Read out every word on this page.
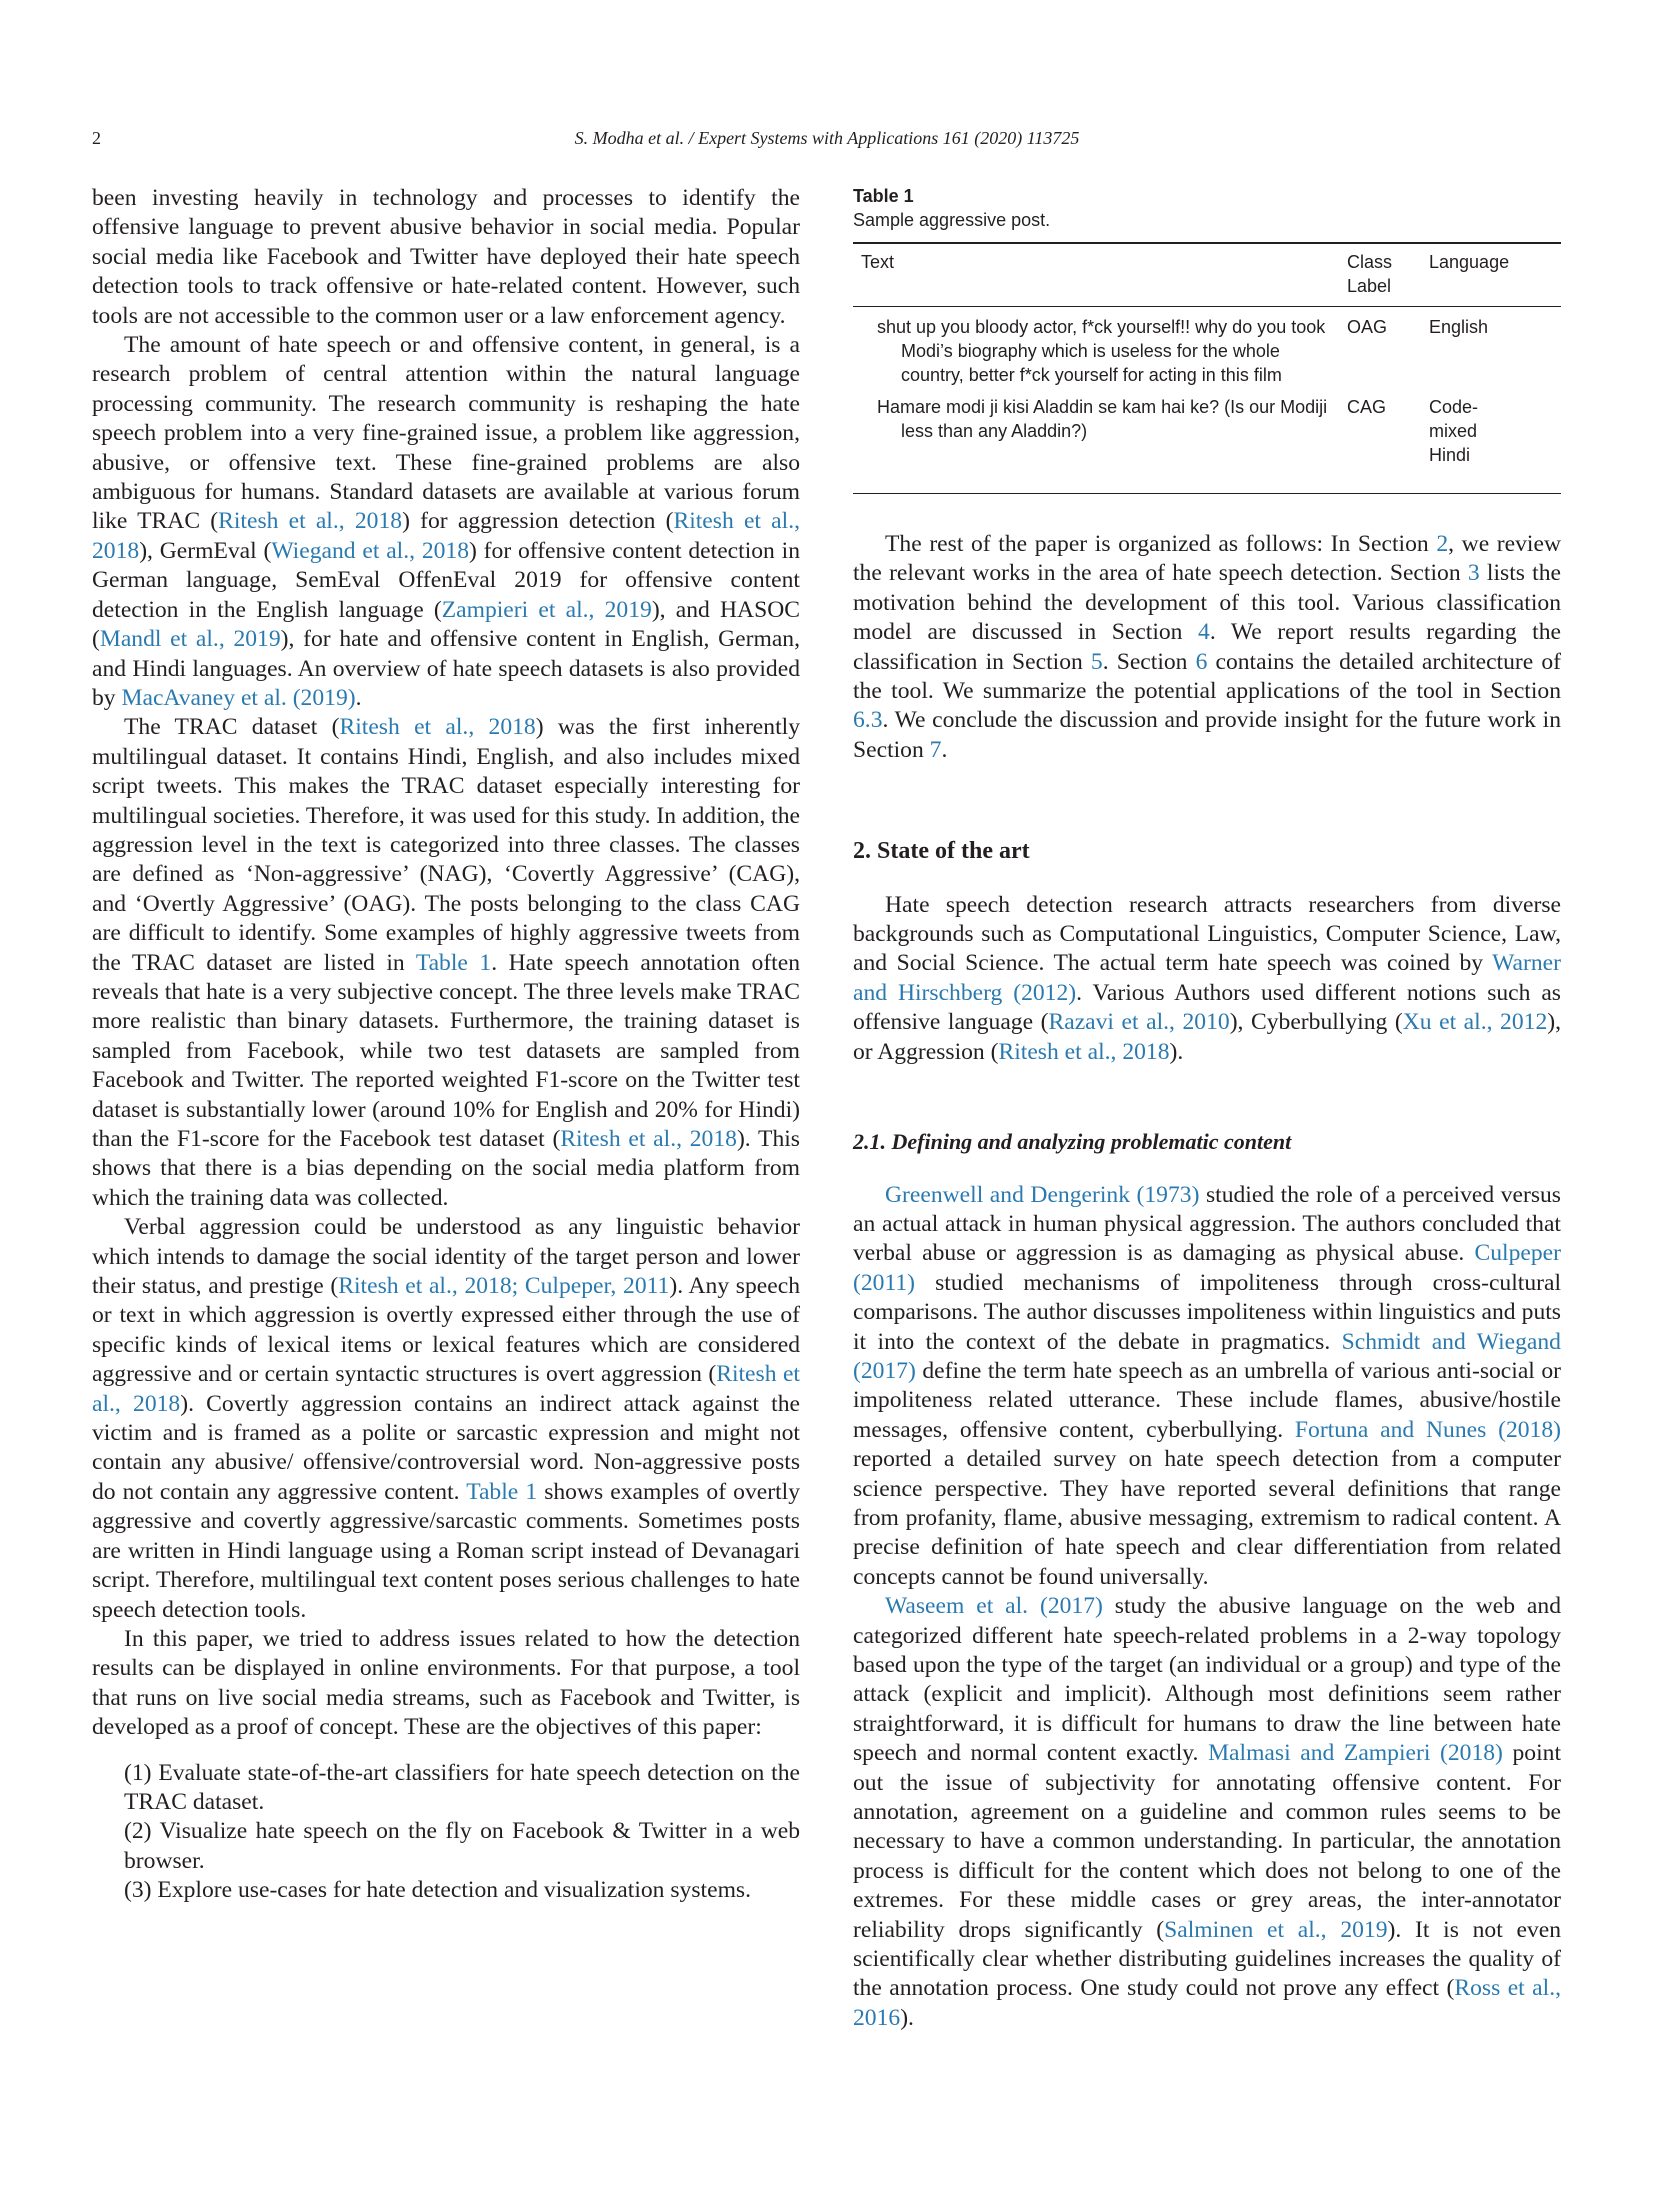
2	S. Modha et al. / Expert Systems with Applications 161 (2020) 113725

been investing heavily in technology and processes to identify the offensive language to prevent abusive behavior in social media. Popular social media like Facebook and Twitter have deployed their hate speech detection tools to track offensive or hate-related content. However, such tools are not accessible to the common user or a law enforcement agency.

The amount of hate speech or and offensive content, in general, is a research problem of central attention within the natural language processing community. The research community is reshaping the hate speech problem into a very fine-grained issue, a problem like aggression, abusive, or offensive text. These fine-grained problems are also ambiguous for humans. Standard datasets are available at various forum like TRAC (Ritesh et al., 2018) for aggression detection (Ritesh et al., 2018), GermEval (Wiegand et al., 2018) for offensive content detection in German language, SemEval OffenEval 2019 for offensive content detection in the English language (Zampieri et al., 2019), and HASOC (Mandl et al., 2019), for hate and offensive content in English, German, and Hindi languages. An overview of hate speech datasets is also provided by MacAvaney et al. (2019).

The TRAC dataset (Ritesh et al., 2018) was the first inherently multilingual dataset. It contains Hindi, English, and also includes mixed script tweets. This makes the TRAC dataset especially interesting for multilingual societies. Therefore, it was used for this study. In addition, the aggression level in the text is categorized into three classes. The classes are defined as ‘Non-aggressive’ (NAG), ‘Covertly Aggressive’ (CAG), and ‘Overtly Aggressive’ (OAG). The posts belonging to the class CAG are difficult to identify. Some examples of highly aggressive tweets from the TRAC dataset are listed in Table 1. Hate speech annotation often reveals that hate is a very subjective concept. The three levels make TRAC more realistic than binary datasets. Furthermore, the training dataset is sampled from Facebook, while two test datasets are sampled from Facebook and Twitter. The reported weighted F1-score on the Twitter test dataset is substantially lower (around 10% for English and 20% for Hindi) than the F1-score for the Facebook test dataset (Ritesh et al., 2018). This shows that there is a bias depending on the social media platform from which the training data was collected.

Verbal aggression could be understood as any linguistic behavior which intends to damage the social identity of the target person and lower their status, and prestige (Ritesh et al., 2018; Culpeper, 2011). Any speech or text in which aggression is overtly expressed either through the use of specific kinds of lexical items or lexical features which are considered aggressive and or certain syntactic structures is overt aggression (Ritesh et al., 2018). Covertly aggression contains an indirect attack against the victim and is framed as a polite or sarcastic expression and might not contain any abusive/ offensive/controversial word. Non-aggressive posts do not contain any aggressive content. Table 1 shows examples of overtly aggressive and covertly aggressive/sarcastic comments. Sometimes posts are written in Hindi language using a Roman script instead of Devanagari script. Therefore, multilingual text content poses serious challenges to hate speech detection tools.

In this paper, we tried to address issues related to how the detection results can be displayed in online environments. For that purpose, a tool that runs on live social media streams, such as Facebook and Twitter, is developed as a proof of concept. These are the objectives of this paper:

(1) Evaluate state-of-the-art classifiers for hate speech detection on the TRAC dataset.
(2) Visualize hate speech on the fly on Facebook & Twitter in a web browser.
(3) Explore use-cases for hate detection and visualization systems.
Table 1
Sample aggressive post.
Text	Class Label	Language

shut up you bloody actor, f*ck yourself!! why do you took Modi’s biography which is useless for the whole country, better f*ck yourself for acting in this film	OAG	English

Hamare modi ji kisi Aladdin se kam hai ke? (Is our Modiji less than any Aladdin?)	CAG	Code-mixed Hindi

The rest of the paper is organized as follows: In Section 2, we review the relevant works in the area of hate speech detection. Section 3 lists the motivation behind the development of this tool. Various classification model are discussed in Section 4. We report results regarding the classification in Section 5. Section 6 contains the detailed architecture of the tool. We summarize the potential applications of the tool in Section 6.3. We conclude the discussion and provide insight for the future work in Section 7.

2. State of the art

Hate speech detection research attracts researchers from diverse backgrounds such as Computational Linguistics, Computer Science, Law, and Social Science. The actual term hate speech was coined by Warner and Hirschberg (2012). Various Authors used different notions such as offensive language (Razavi et al., 2010), Cyberbullying (Xu et al., 2012), or Aggression (Ritesh et al., 2018).

2.1. Defining and analyzing problematic content

Greenwell and Dengerink (1973) studied the role of a perceived versus an actual attack in human physical aggression. The authors concluded that verbal abuse or aggression is as damaging as physical abuse. Culpeper (2011) studied mechanisms of impoliteness through cross-cultural comparisons. The author discusses impoliteness within linguistics and puts it into the context of the debate in pragmatics. Schmidt and Wiegand (2017) define the term hate speech as an umbrella of various anti-social or impoliteness related utterance. These include flames, abusive/hostile messages, offensive content, cyberbullying. Fortuna and Nunes (2018) reported a detailed survey on hate speech detection from a computer science perspective. They have reported several definitions that range from profanity, flame, abusive messaging, extremism to radical content. A precise definition of hate speech and clear differentiation from related concepts cannot be found universally.

Waseem et al. (2017) study the abusive language on the web and categorized different hate speech-related problems in a 2-way topology based upon the type of the target (an individual or a group) and type of the attack (explicit and implicit). Although most definitions seem rather straightforward, it is difficult for humans to draw the line between hate speech and normal content exactly. Malmasi and Zampieri (2018) point out the issue of subjectivity for annotating offensive content. For annotation, agreement on a guideline and common rules seems to be necessary to have a common understanding. In particular, the annotation process is difficult for the content which does not belong to one of the extremes. For these middle cases or grey areas, the inter-annotator reliability drops significantly (Salminen et al., 2019). It is not even scientifically clear whether distributing guidelines increases the quality of the annotation process. One study could not prove any effect (Ross et al., 2016).
